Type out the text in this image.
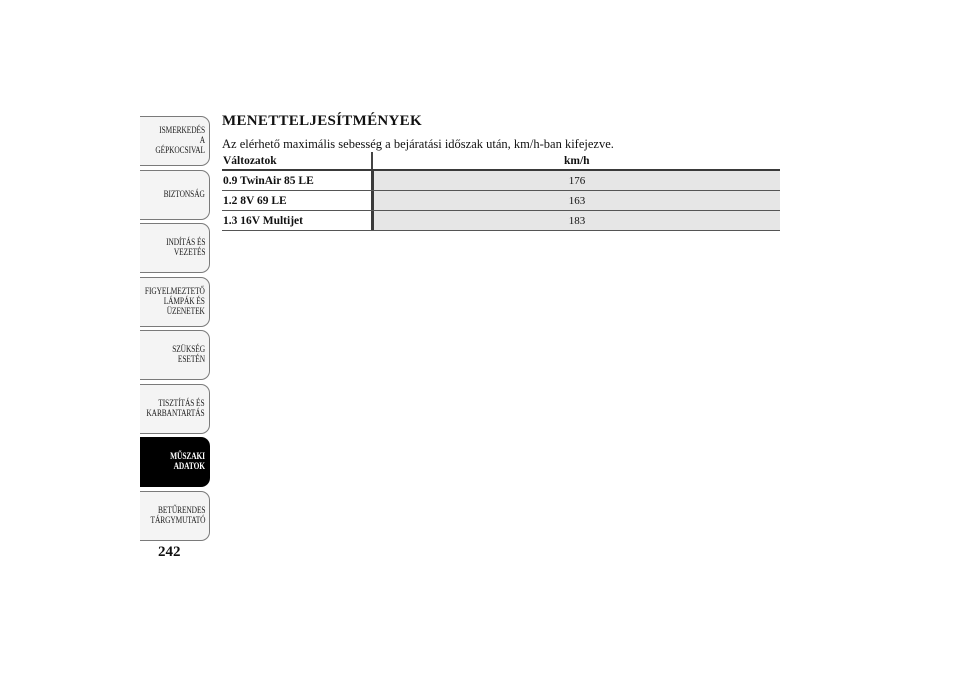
ISMERKEDÉS A
GÉPKOCSIVAL
BIZTONSÁG
INDÍTÁS ÉS
VEZETÉS
FIGYELMEZTETŐ
LÁMPÁK ÉS
ÜZENETEK
SZÜKSÉG ESETÉN
TISZTÍTÁS ÉS
KARBANTARTÁS
MŰSZAKI ADATOK
BETŰRENDES
TÁRGYMUTATÓ
242
MENETTELJESÍTMÉNYEK
Az elérhető maximális sebesség a bejáratási időszak után, km/h-ban kifejezve.
Változatok	km/h
0.9 TwinAir 85 LE	176
1.2 8V 69 LE	163
1.3 16V Multijet	183
